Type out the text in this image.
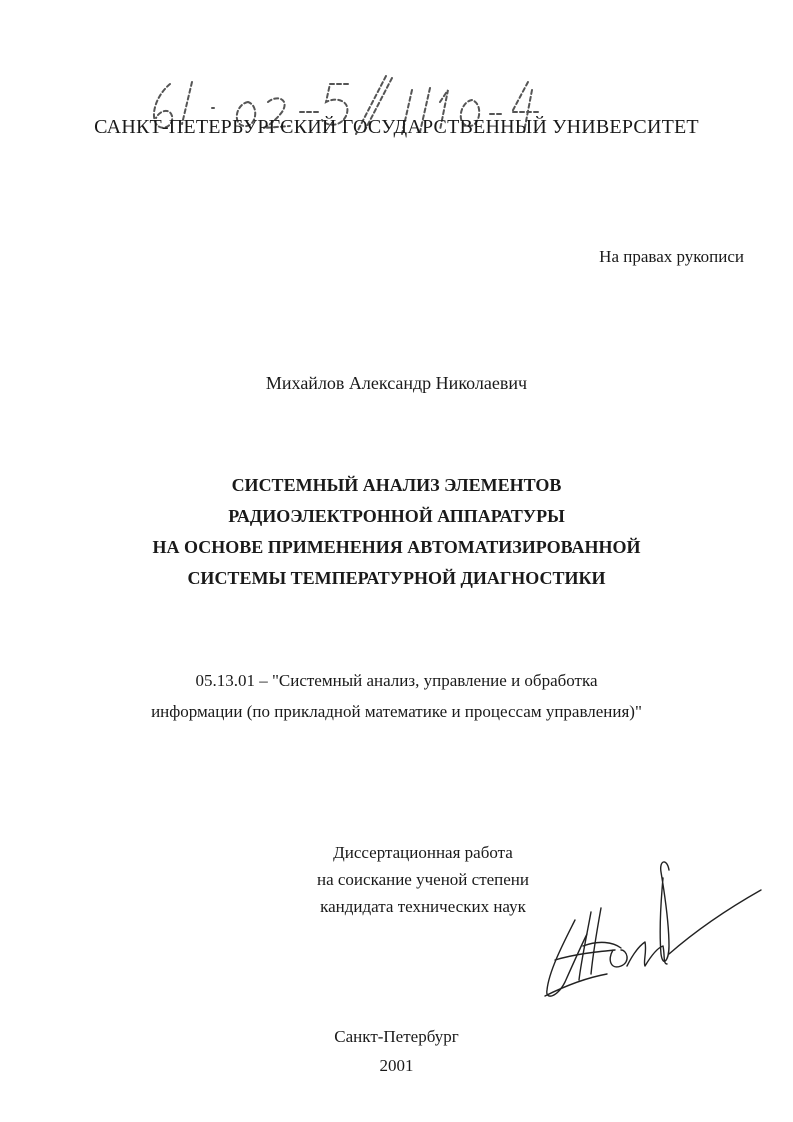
САНКТ-ПЕТЕРБУРГСКИЙ ГОСУДАРСТВЕННЫЙ УНИВЕРСИТЕТ
На правах рукописи
Михайлов Александр Николаевич
СИСТЕМНЫЙ АНАЛИЗ ЭЛЕМЕНТОВ
РАДИОЭЛЕКТРОННОЙ АППАРАТУРЫ
НА ОСНОВЕ ПРИМЕНЕНИЯ АВТОМАТИЗИРОВАННОЙ
СИСТЕМЫ ТЕМПЕРАТУРНОЙ ДИАГНОСТИКИ
05.13.01 – "Системный анализ, управление и обработка
информации (по прикладной математике и процессам управления)"
Диссертационная работа
на соискание ученой степени
кандидата технических наук
Санкт-Петербург
2001
